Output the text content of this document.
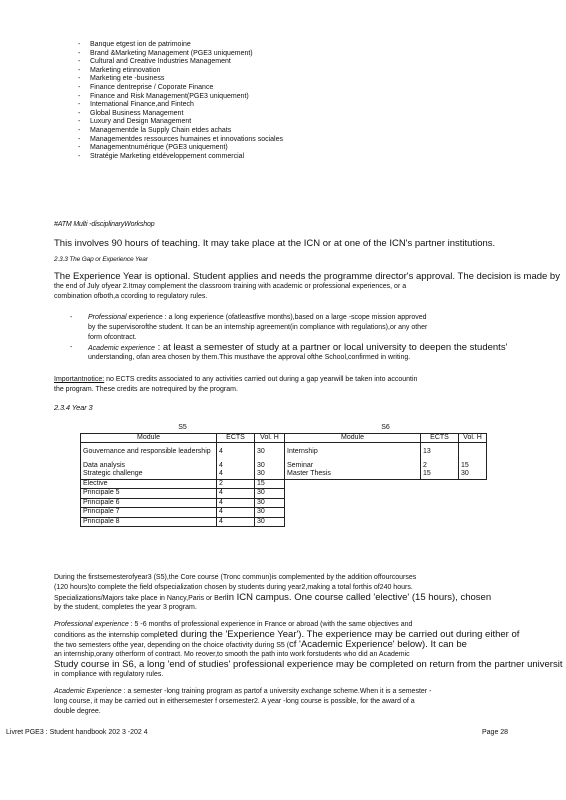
- Banque etgest ion de patrimoine
- Brand &Marketing Management (PGE3 uniquement)
- Cultural and Creative Industries Management
- Marketing etinnovation
- Marketing ete -business
- Finance dentreprise / Coporate Finance
- Finance and Risk Management(PGE3 uniquement)
- International Finance,and Fintech
- Global Business Management
- Luxury and Design Management
- Managementde la Supply Chain etdes achats
- Managementdes ressources humaines et innovations sociales
- Managementnumérique (PGE3 uniquement)
- Stratégie Marketing etdéveloppement commercial
#ATM Multi -disciplinaryWorkshop
This involves 90 hours of teaching. It may take place at the ICN or at one of the ICN's partner institutions.
2.3.3 The Gap or Experience Year
The Experience Year is optional. Student applies and needs the programme director's approval. The decision is made by
the end of July ofyear 2.Itmay complement the classroom training with academic or professional experiences, or a
combination ofboth,a ccording to regulatory rules.
- Professional experience : a long experience (ofatleastfive months),based on a large -scope mission approved
by the supervisorofthe student. It can be an internship agreement(in compliance with regulations),or any other
form ofcontract.
- Academic experience : at least a semester of study at a partner or local university to deepen the students'
understanding, ofan area chosen by them.This musthave the approval ofthe School,confirmed in writing.
Importantnotice: no ECTS credits associated to any activities carried out during a gap yearwill be taken into accountin
the program. These credits are notrequired by the program.
2.3.4 Year 3
S5			S6		
Module	ECTS	Vol. H	Module	ECTS	Vol. H
Gouvernance and responsible leadership	4	30	Internship	13	
Data analysis	4	30	Seminar	2	15
Strategic challenge	4	30	Master Thesis	15	30
Elective	2	15			
Principale 5	4	30			
Principale 6	4	30			
Principale 7	4	30			
Principale 8	4	30			
During the firstsemesterofyear3 (S5),the Core course (Tronc commun)is complemented by the addition offourcourses
(120 hours)to complete the field ofspecialization chosen by students during year2,making a total forthis of240 hours.
Specializations/Majors take place in Nancy,Paris or Berlin ICN campus. One course called 'elective' (15 hours), chosen
by the student, completes the year 3 program.
Professional experience : 5 -6 months of professional experience in France or abroad (with the same objectives and
conditions as the internship completed during the 'Experience Year'). The experience may be carried out during either of
the two semesters ofthe year, depending on the choice ofactivity during S5 (cf 'Academic Experience' below). It can be
an internship,orany otherform of contract. Mo reover,to smooth the path into work forstudents who did an Academic
Study course in S6, a long 'end of studies' professional experience may be completed on return from the partner universit
in compliance with regulatory rules.
Academic Experience : a semester -long training program as partof a university exchange scheme.When it is a semester -
long course, it may be carried out in eithersemester f orsemester2. A year -long course is possible, for the award of a
double degree.
Livret PGE3 : Student handbook 202 3 -202 4	Page 28
